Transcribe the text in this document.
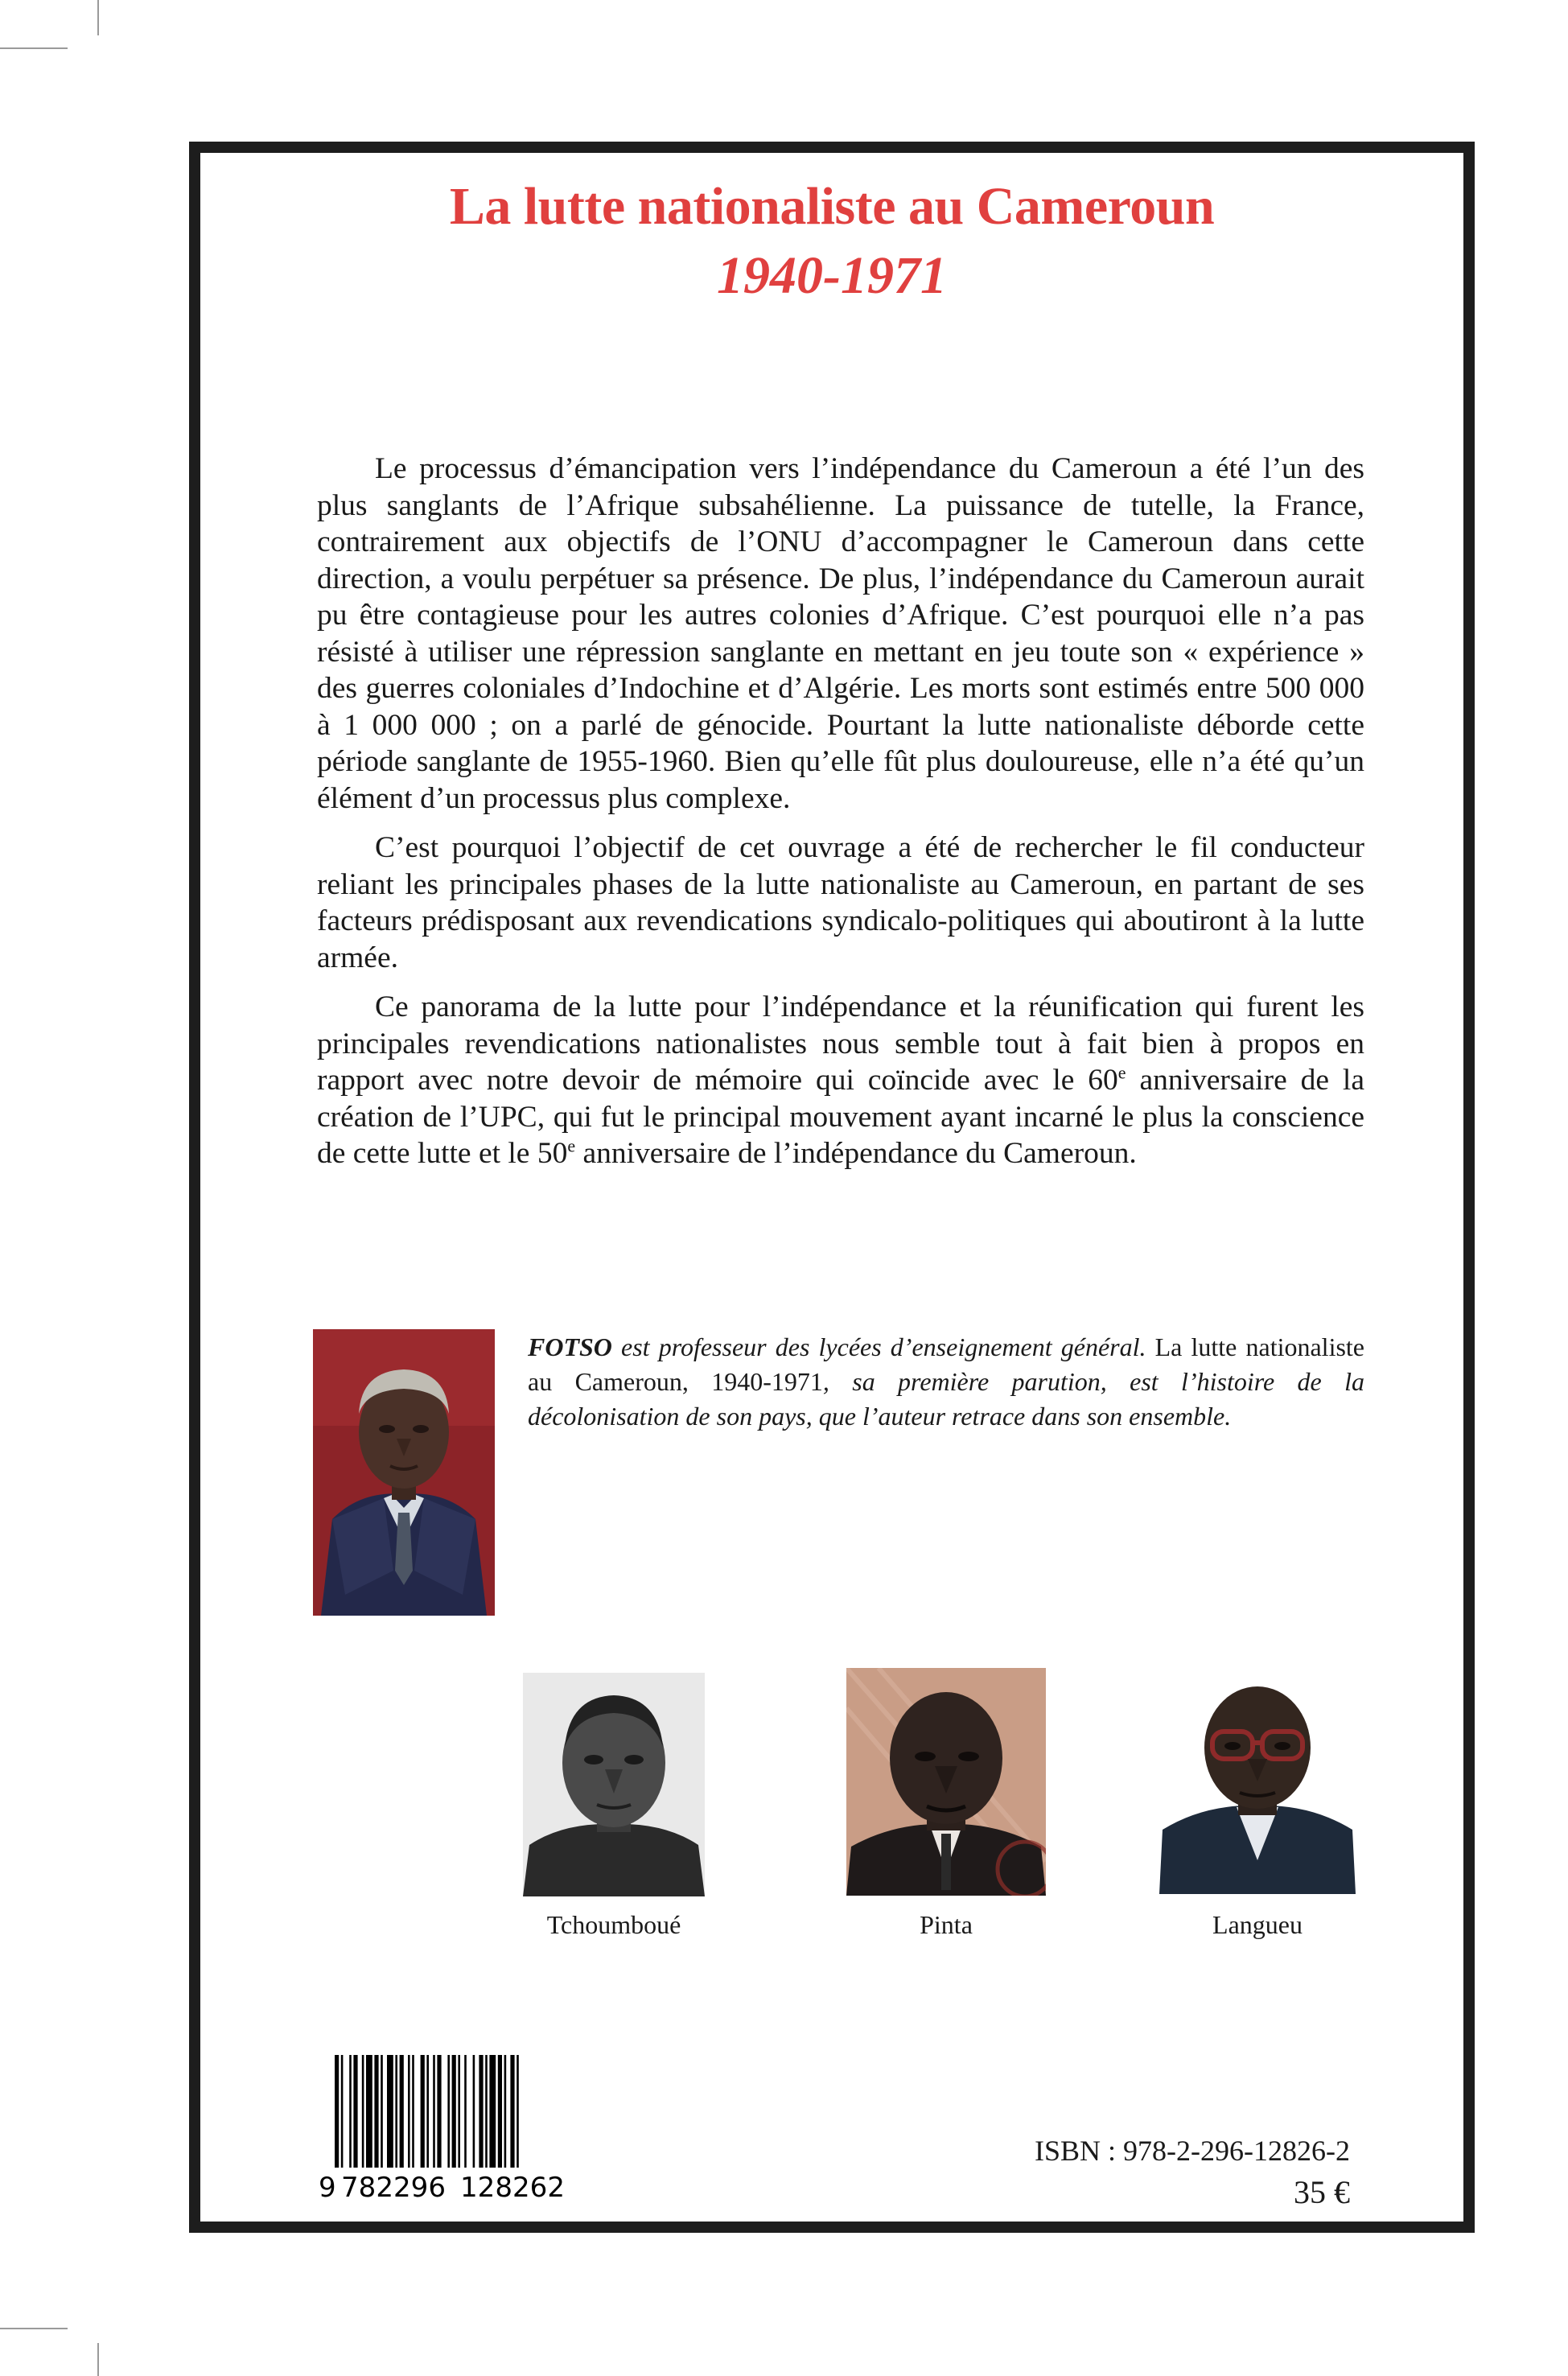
La lutte nationaliste au Cameroun
1940-1971

Le processus d’émancipation vers l’indépendance du Cameroun a été l’un des plus sanglants de l’Afrique subsahélienne. La puissance de tutelle, la France, contrairement aux objectifs de l’ONU d’accompagner le Cameroun dans cette direction, a voulu perpétuer sa présence. De plus, l’indépendance du Cameroun aurait pu être contagieuse pour les autres colonies d’Afrique. C’est pourquoi elle n’a pas résisté à utiliser une répression sanglante en mettant en jeu toute son « expérience » des guerres coloniales d’Indochine et d’Algérie. Les morts sont estimés entre 500 000 à 1 000 000 ; on a parlé de génocide. Pourtant la lutte nationaliste déborde cette période sanglante de 1955-1960. Bien qu’elle fût plus douloureuse, elle n’a été qu’un élément d’un processus plus complexe.

C’est pourquoi l’objectif de cet ouvrage a été de rechercher le fil conducteur reliant les principales phases de la lutte nationaliste au Cameroun, en partant de ses facteurs prédisposant aux revendications syndicalo-politiques qui aboutiront à la lutte armée.

Ce panorama de la lutte pour l’indépendance et la réunification qui furent les principales revendications nationalistes nous semble tout à fait bien à propos en rapport avec notre devoir de mémoire qui coïncide avec le 60e anniversaire de la création de l’UPC, qui fut le principal mouvement ayant incarné le plus la conscience de cette lutte et le 50e anniversaire de l’indépendance du Cameroun.

FOTSO est professeur des lycées d’enseignement général. La lutte nationaliste au Cameroun, 1940-1971, sa première parution, est l’histoire de la décolonisation de son pays, que l’auteur retrace dans son ensemble.
Tchoumboué	Pinta	Langueu
9 782296 128262
ISBN : 978-2-296-12826-2
35 €
